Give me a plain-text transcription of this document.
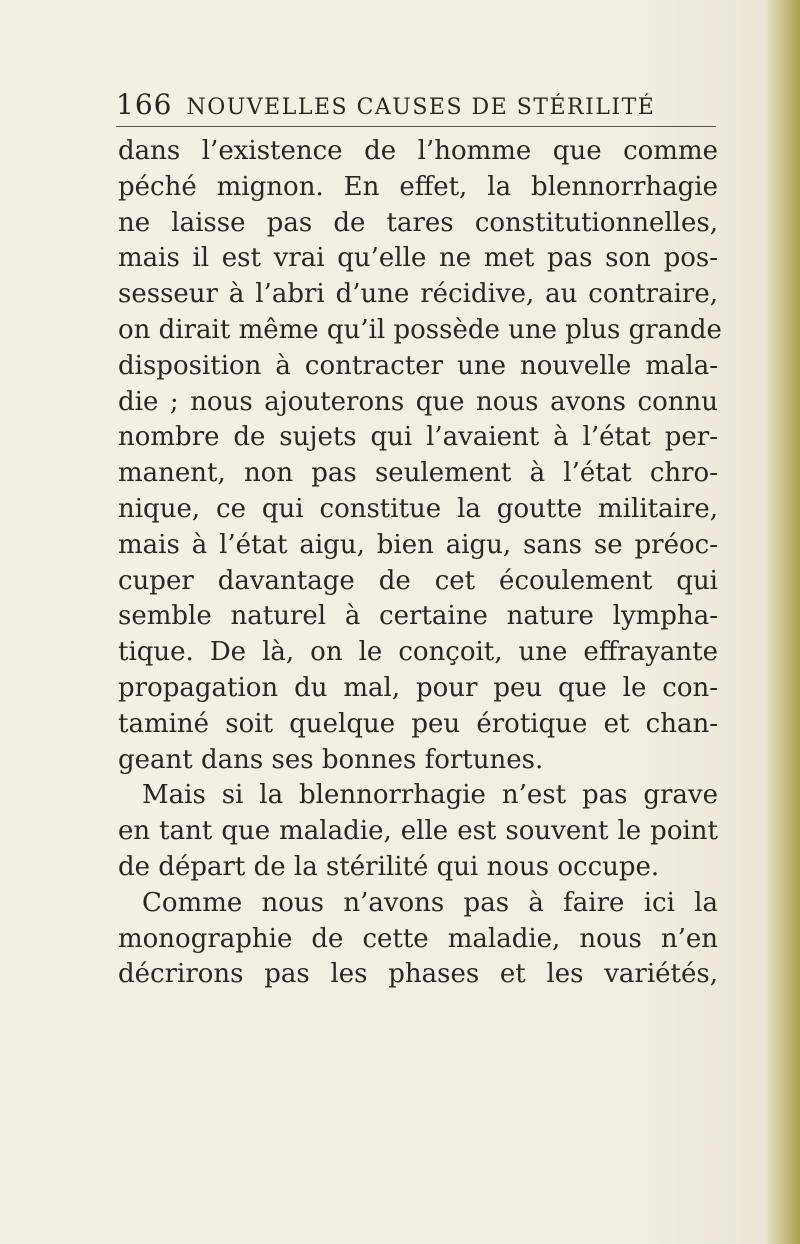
166 NOUVELLES CAUSES DE STÉRILITÉ

dans l’existence de l’homme que comme
péché mignon. En effet, la blennorrhagie
ne laisse pas de tares constitutionnelles,
mais il est vrai qu’elle ne met pas son pos-
sesseur à l’abri d’une récidive, au contraire,
on dirait même qu’il possède une plus grande
disposition à contracter une nouvelle mala-
die ; nous ajouterons que nous avons connu
nombre de sujets qui l’avaient à l’état per-
manent, non pas seulement à l’état chro-
nique, ce qui constitue la goutte militaire,
mais à l’état aigu, bien aigu, sans se préoc-
cuper davantage de cet écoulement qui
semble naturel à certaine nature lympha-
tique. De là, on le conçoit, une effrayante
propagation du mal, pour peu que le con-
taminé soit quelque peu érotique et chan-
geant dans ses bonnes fortunes.
Mais si la blennorrhagie n’est pas grave
en tant que maladie, elle est souvent le point
de départ de la stérilité qui nous occupe.
Comme nous n’avons pas à faire ici la
monographie de cette maladie, nous n’en
décrirons pas les phases et les variétés,
